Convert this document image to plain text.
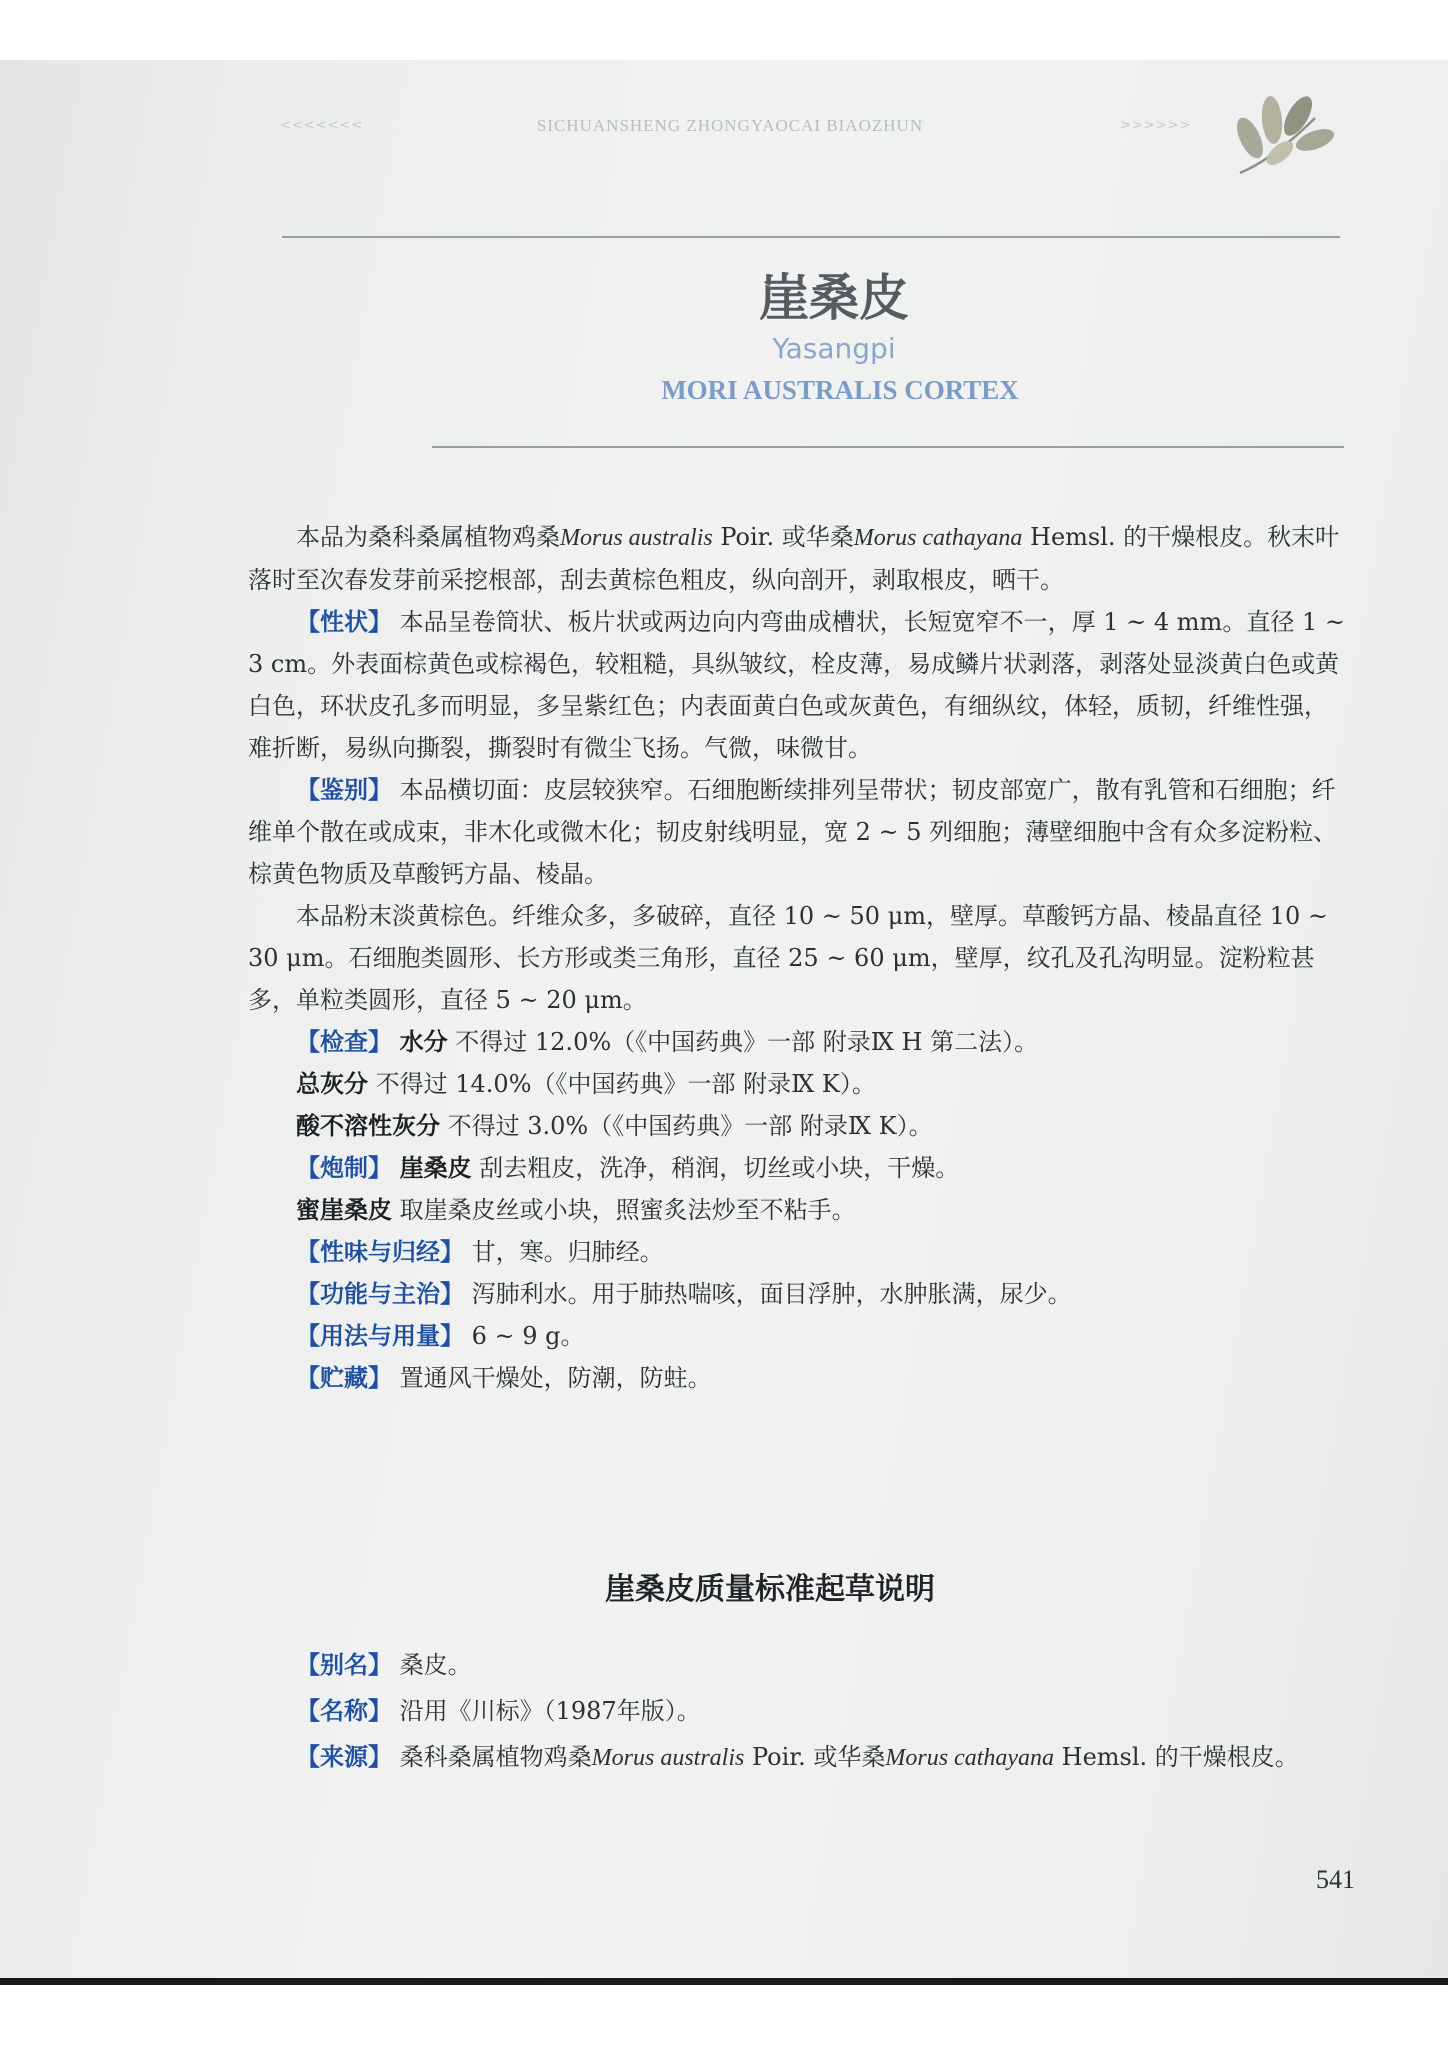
<<<<<<<	SICHUANSHENG ZHONGYAOCAI BIAOZHUN	>>>>>>
崖桑皮
Yasangpi
MORI AUSTRALIS CORTEX

本品为桑科桑属植物鸡桑Morus australis Poir. 或华桑Morus cathayana Hemsl. 的干燥根皮。秋末叶落时至次春发芽前采挖根部，刮去黄棕色粗皮，纵向剖开，剥取根皮，晒干。

【性状】 本品呈卷筒状、板片状或两边向内弯曲成槽状，长短宽窄不一，厚 1 ~ 4 mm。直径 1 ~ 3 cm。外表面棕黄色或棕褐色，较粗糙，具纵皱纹，栓皮薄，易成鳞片状剥落，剥落处显淡黄白色或黄白色，环状皮孔多而明显，多呈紫红色；内表面黄白色或灰黄色，有细纵纹，体轻，质韧，纤维性强，难折断，易纵向撕裂，撕裂时有微尘飞扬。气微，味微甘。

【鉴别】 本品横切面：皮层较狭窄。石细胞断续排列呈带状；韧皮部宽广，散有乳管和石细胞；纤维单个散在或成束，非木化或微木化；韧皮射线明显，宽 2 ~ 5 列细胞；薄壁细胞中含有众多淀粉粒、棕黄色物质及草酸钙方晶、棱晶。

本品粉末淡黄棕色。纤维众多，多破碎，直径 10 ~ 50 μm，壁厚。草酸钙方晶、棱晶直径 10 ~ 30 μm。石细胞类圆形、长方形或类三角形，直径 25 ~ 60 μm，壁厚，纹孔及孔沟明显。淀粉粒甚多，单粒类圆形，直径 5 ~ 20 μm。

【检查】 水分 不得过 12.0%（《中国药典》一部 附录Ⅸ H 第二法）。

总灰分 不得过 14.0%（《中国药典》一部 附录Ⅸ K）。

酸不溶性灰分 不得过 3.0%（《中国药典》一部 附录Ⅸ K）。

【炮制】 崖桑皮 刮去粗皮，洗净，稍润，切丝或小块，干燥。

蜜崖桑皮 取崖桑皮丝或小块，照蜜炙法炒至不粘手。

【性味与归经】 甘，寒。归肺经。

【功能与主治】 泻肺利水。用于肺热喘咳，面目浮肿，水肿胀满，尿少。

【用法与用量】 6 ~ 9 g。

【贮藏】 置通风干燥处，防潮，防蛀。

崖桑皮质量标准起草说明

【别名】 桑皮。

【名称】 沿用《川标》（1987年版）。

【来源】 桑科桑属植物鸡桑Morus australis Poir. 或华桑Morus cathayana Hemsl. 的干燥根皮。

541
